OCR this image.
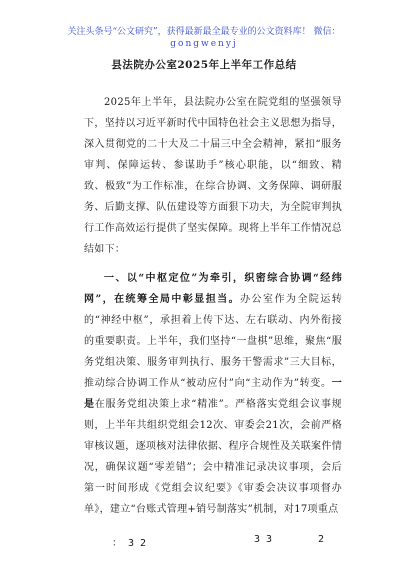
关注头条号“公文研究”，获得最新最全最专业的公文资料库！ 微信：
gongwenyj
县法院办公室2025年上半年工作总结

2025年上半年，县法院办公室在院党组的坚强领导下，坚持以习近平新时代中国特色社会主义思想为指导，深入贯彻党的二十大及二十届三中全会精神，紧扣“服务审判、保障运转、参谋助手”核心职能，以“细致、精致、极致”为工作标准，在综合协调、文务保障、调研服务、后勤支撑、队伍建设等方面狠下功夫，为全院审判执行工作高效运行提供了坚实保障。现将上半年工作情况总结如下：

一、以“中枢定位”为牵引，织密综合协调“经纬网”，在统筹全局中彰显担当。办公室作为全院运转的“神经中枢”，承担着上传下达、左右联动、内外衔接的重要职责。上半年，我们坚持“一盘棋”思维，聚焦“服务党组决策、服务审判执行、服务干警需求”三大目标，推动综合协调工作从“被动应付”向“主动作为”转变。一是在服务党组决策上求“精准”。严格落实党组会议事规则，上半年共组织党组会12次、审委会21次，会前严格审核议题，逐项核对法律依据、程序合规性及关联案件情况，确保议题“零差错”；会中精准记录决议事项，会后第一时间形成《党组会议纪要》《审委会决议事项督办单》，建立“台账式管理+销号制落实”机制，对17项重点

：32	33	2
